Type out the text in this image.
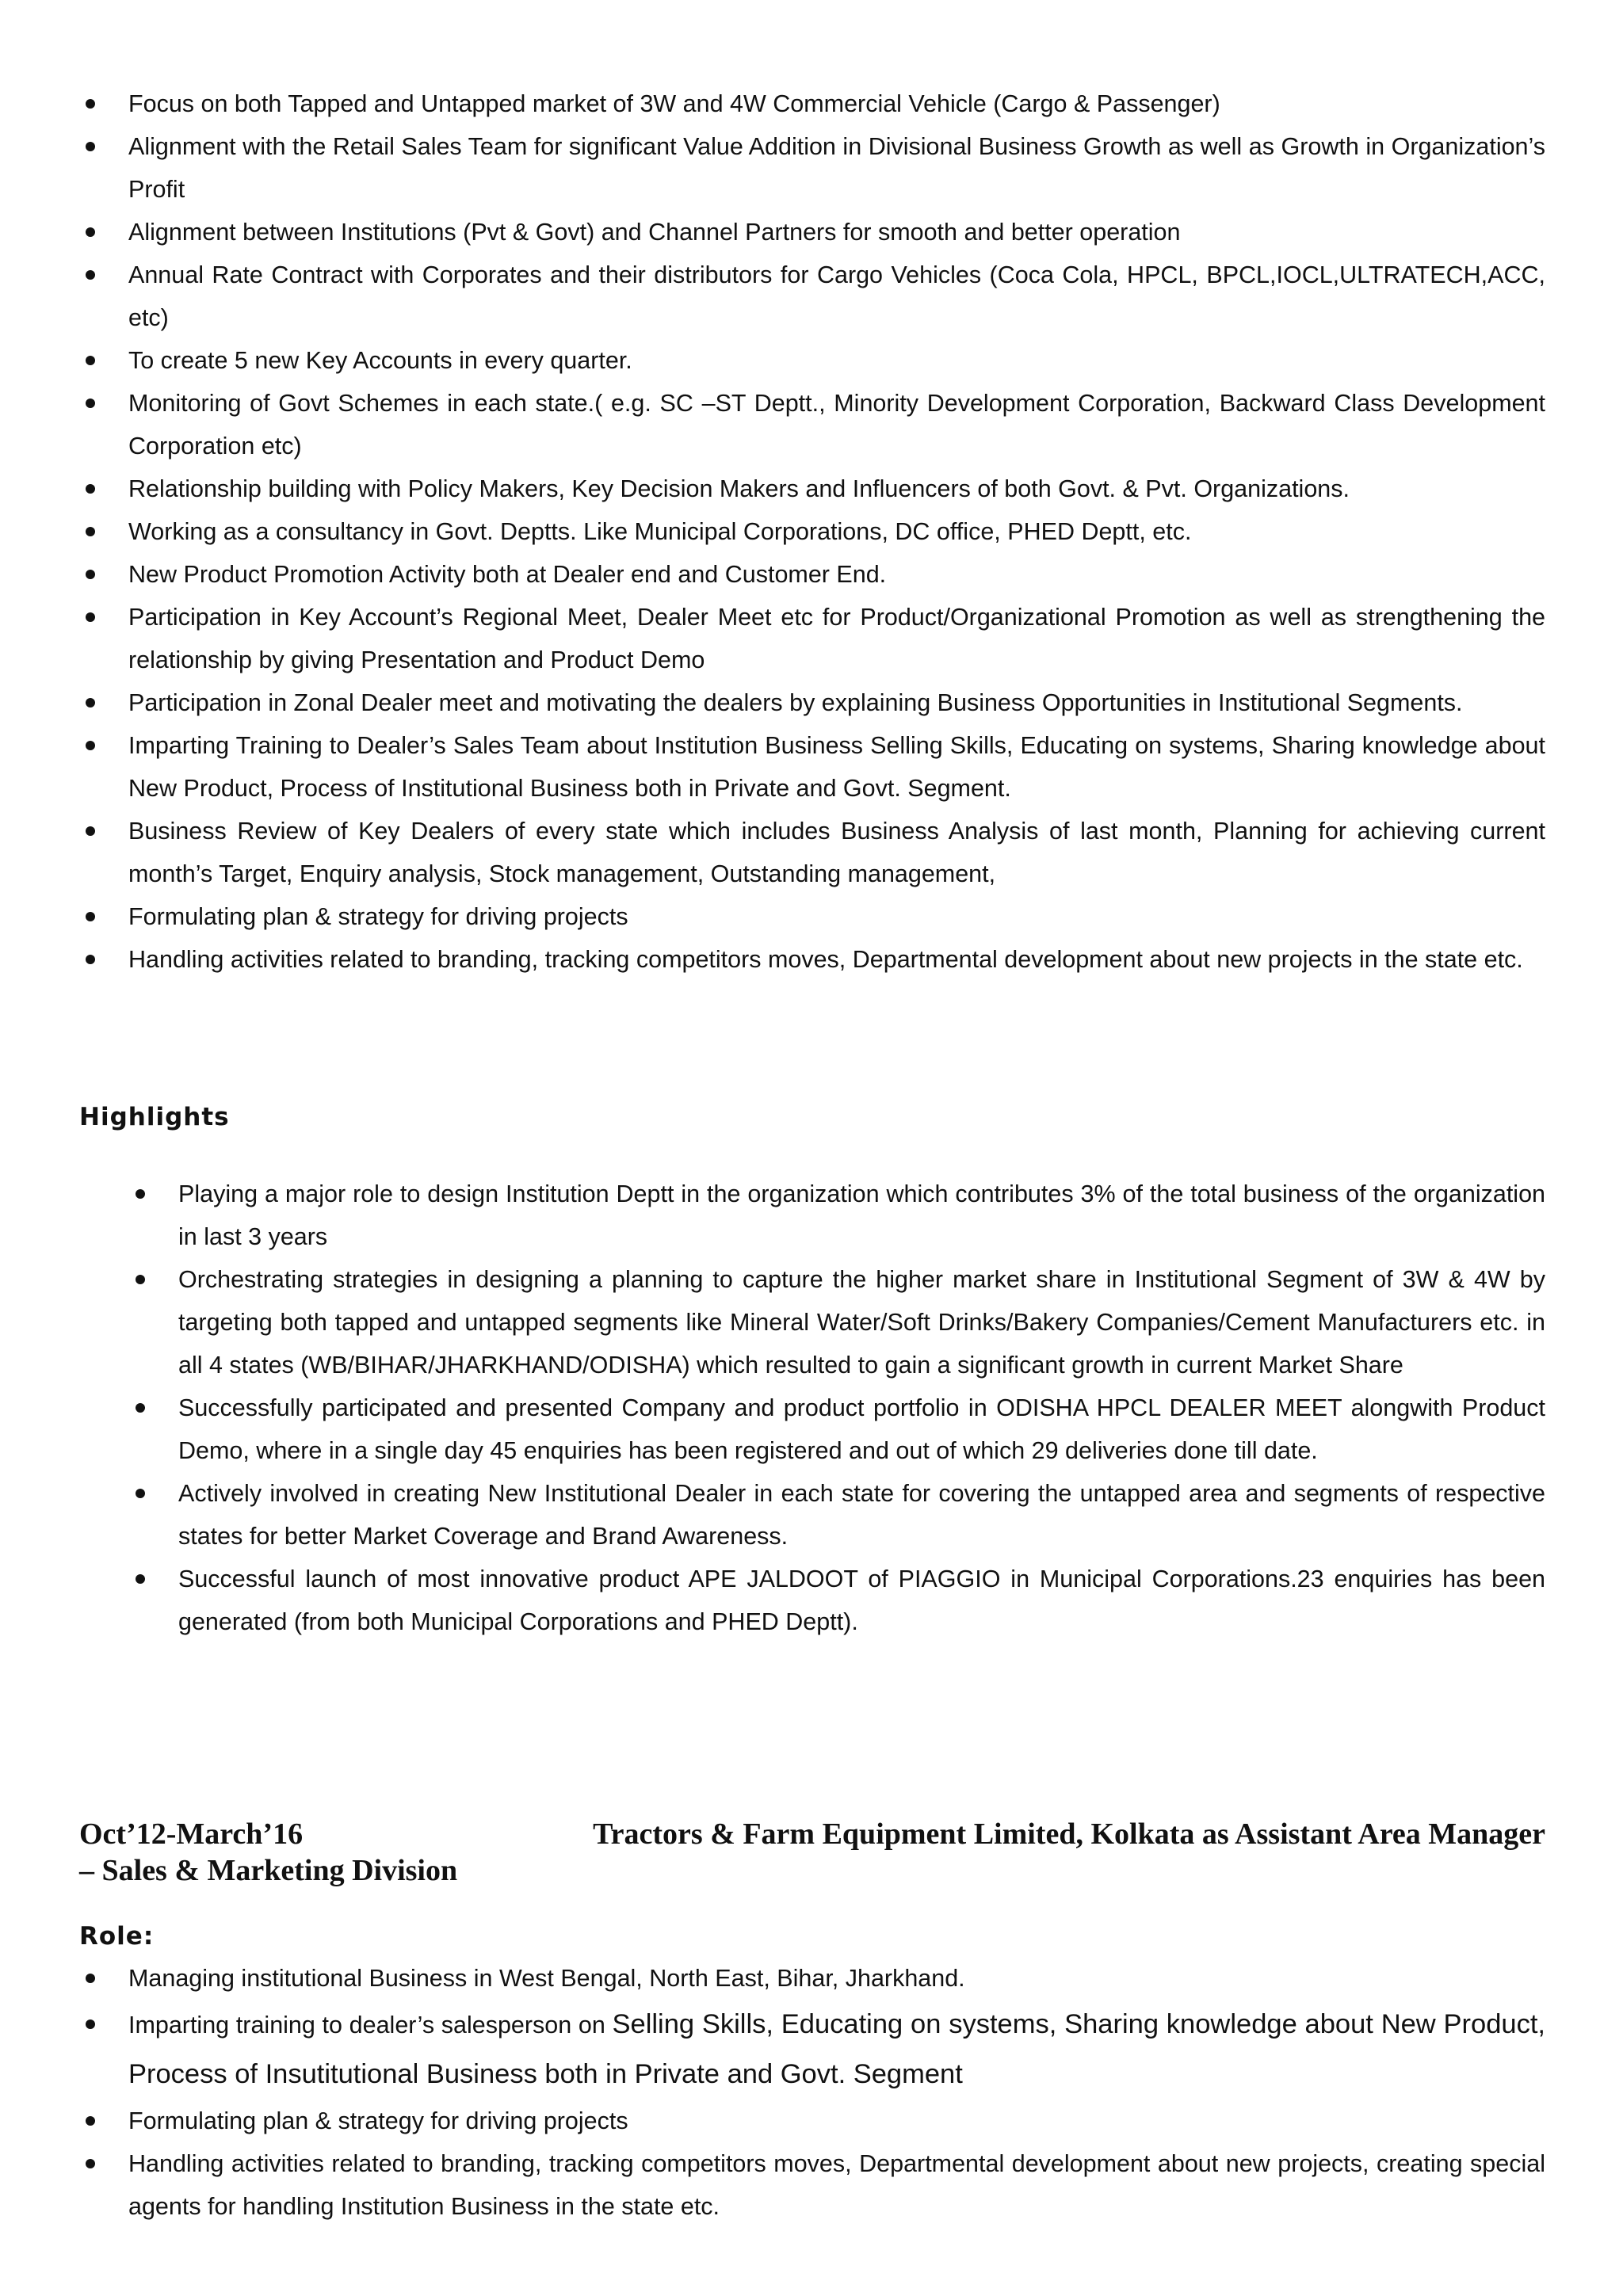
Focus on both Tapped and Untapped market of 3W and 4W Commercial Vehicle (Cargo & Passenger)
Alignment with the Retail Sales Team for significant Value Addition in Divisional Business Growth as well as Growth in Organization’s Profit
Alignment between Institutions (Pvt & Govt) and Channel Partners for smooth and better operation
Annual Rate Contract with Corporates and their distributors for Cargo Vehicles (Coca Cola, HPCL, BPCL,IOCL,ULTRATECH,ACC, etc)
To create 5 new Key Accounts in every quarter.
Monitoring of Govt Schemes in each state.( e.g. SC –ST Deptt., Minority Development Corporation, Backward Class Development Corporation etc)
Relationship building with Policy Makers, Key Decision Makers and Influencers of both Govt. & Pvt. Organizations.
Working as a consultancy in Govt. Deptts. Like Municipal Corporations, DC office, PHED Deptt, etc.
New Product Promotion Activity both at Dealer end and Customer End.
Participation in Key Account’s Regional Meet, Dealer Meet etc for Product/Organizational Promotion as well as strengthening the relationship by giving Presentation and Product Demo
Participation in Zonal Dealer meet and motivating the dealers by explaining Business Opportunities in Institutional Segments.
Imparting Training to Dealer’s Sales Team about Institution Business Selling Skills, Educating on systems, Sharing knowledge about New Product, Process of Institutional Business both in Private and Govt. Segment.
Business Review of Key Dealers of every state which includes Business Analysis of last month, Planning for achieving current month’s Target, Enquiry analysis, Stock management, Outstanding management,
Formulating plan & strategy for driving projects
Handling activities related to branding, tracking competitors moves, Departmental development about new projects in the state etc.
Highlights
Playing a major role to design Institution Deptt in the organization which contributes 3% of the total business of the organization in last 3 years
Orchestrating strategies in designing a planning to capture the higher market share in Institutional Segment of 3W & 4W by targeting both tapped and untapped segments like Mineral Water/Soft Drinks/Bakery Companies/Cement Manufacturers etc. in all 4 states (WB/BIHAR/JHARKHAND/ODISHA) which resulted to gain a significant growth in current Market Share
Successfully participated and presented Company and product portfolio in ODISHA HPCL DEALER MEET alongwith Product Demo, where in a single day 45 enquiries has been registered and out of which 29 deliveries done till date.
Actively involved in creating New Institutional Dealer in each state for covering the untapped area and segments of respective states for better Market Coverage and Brand Awareness.
Successful launch of most innovative product APE JALDOOT of PIAGGIO in Municipal Corporations.23 enquiries has been generated (from both Municipal Corporations and PHED Deptt).
Oct’12-March’16	Tractors & Farm Equipment Limited, Kolkata as Assistant Area Manager
– Sales & Marketing Division
Role:
Managing institutional Business in West Bengal, North East, Bihar, Jharkhand.
Imparting training to dealer’s salesperson on Selling Skills, Educating on systems, Sharing knowledge about New Product, Process of Insutitutional Business both in Private and Govt. Segment
Formulating plan & strategy for driving projects
Handling activities related to branding, tracking competitors moves, Departmental development about new projects, creating special agents for handling Institution Business in the state etc.
